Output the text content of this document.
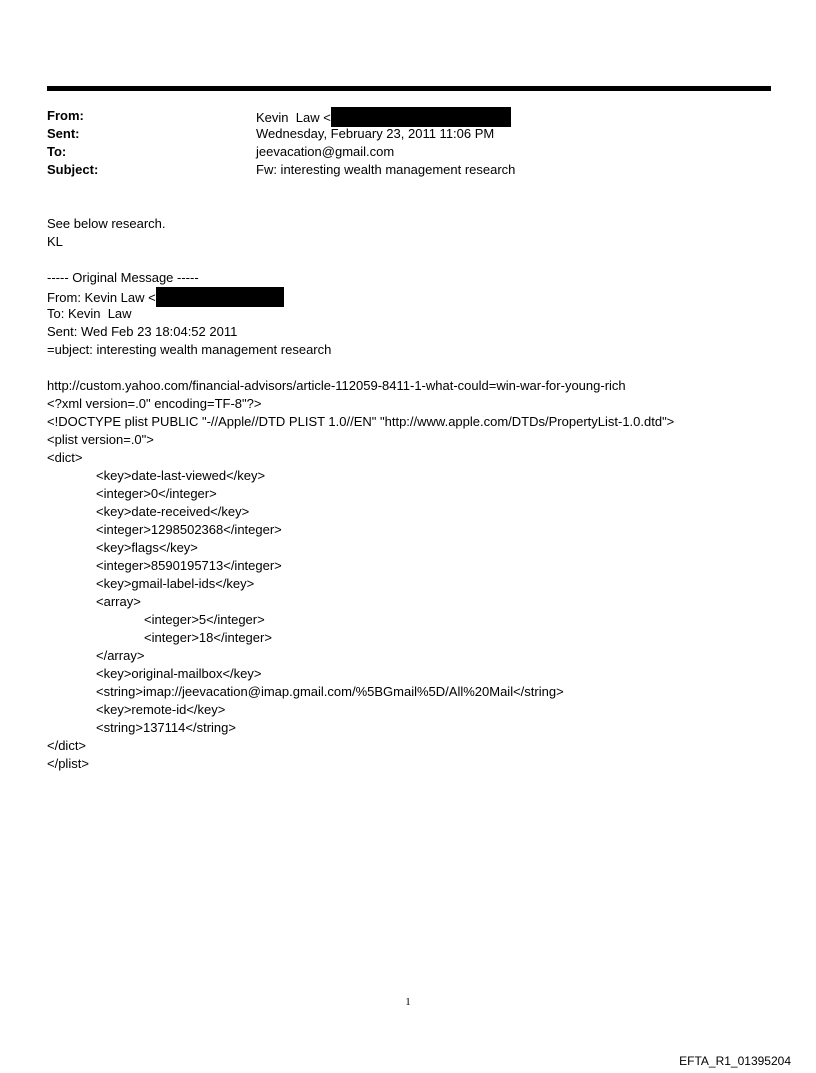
From:	Kevin  Law <
Sent:	Wednesday, February 23, 2011 11:06 PM
To:	jeevacation@gmail.com
Subject:	Fw: interesting wealth management research
See below research.
KL
----- Original Message -----
From: Kevin Law <
To: Kevin  Law
Sent: Wed Feb 23 18:04:52 2011
=ubject: interesting wealth management research
http://custom.yahoo.com/financial-advisors/article-112059-8411-1-what-could=win-war-for-young-rich
<?xml version=.0" encoding=TF-8"?>
<!DOCTYPE plist PUBLIC "-//Apple//DTD PLIST 1.0//EN" "http://www.apple.com/DTDs/PropertyList-1.0.dtd">
<plist version=.0">
<dict>
<key>date-last-viewed</key>
<integer>0</integer>
<key>date-received</key>
<integer>1298502368</integer>
<key>flags</key>
<integer>8590195713</integer>
<key>gmail-label-ids</key>
<array>
<integer>5</integer>
<integer>18</integer>
</array>
<key>original-mailbox</key>
<string>imap://jeevacation@imap.gmail.com/%5BGmail%5D/All%20Mail</string>
<key>remote-id</key>
<string>137114</string>
</dict>
</plist>
1
EFTA_R1_01395204
